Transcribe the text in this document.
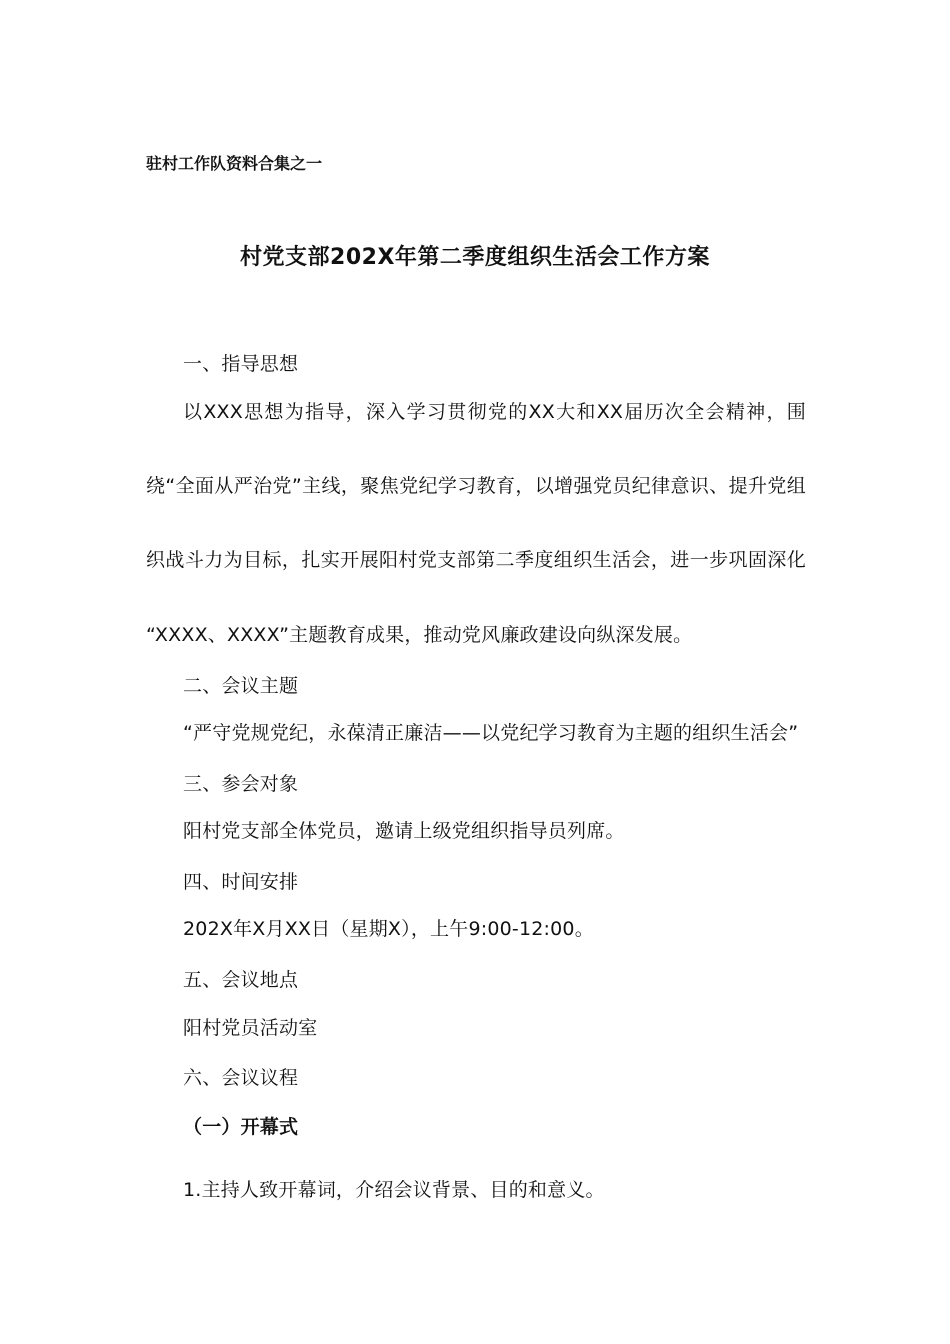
驻村工作队资料合集之一
村党支部202X年第二季度组织生活会工作方案
一、指导思想
以XXX思想为指导，深入学习贯彻党的XX大和XX届历次全会精神，围
绕“全面从严治党”主线，聚焦党纪学习教育，以增强党员纪律意识、提升党组
织战斗力为目标，扎实开展阳村党支部第二季度组织生活会，进一步巩固深化
“XXXX、XXXX”主题教育成果，推动党风廉政建设向纵深发展。
二、会议主题
“严守党规党纪，永葆清正廉洁——以党纪学习教育为主题的组织生活会”
三、参会对象
阳村党支部全体党员，邀请上级党组织指导员列席。
四、时间安排
202X年X月XX日（星期X），上午9:00-12:00。
五、会议地点
阳村党员活动室
六、会议议程
（一）开幕式
1.主持人致开幕词，介绍会议背景、目的和意义。
